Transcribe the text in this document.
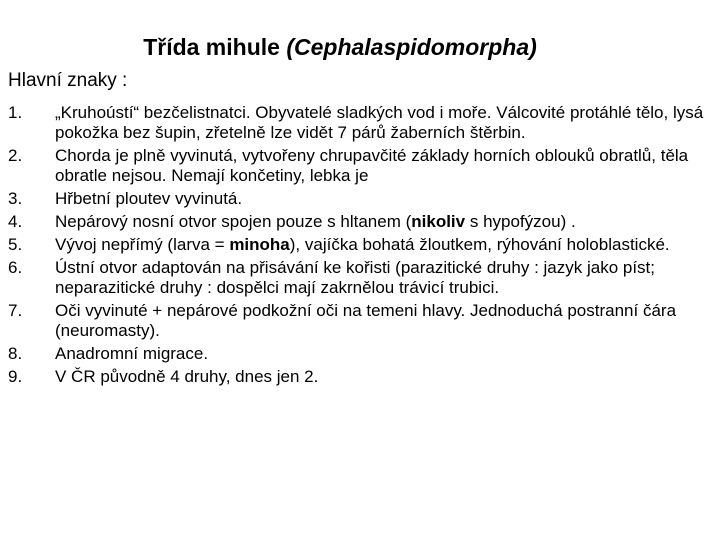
Třída mihule (Cephalaspidomorpha)

Hlavní znaky :

1.	„Kruhoústí“ bezčelistnatci. Obyvatelé sladkých vod i moře. Válcovité protáhlé tělo, lysá pokožka bez šupin, zřetelně lze vidět 7 párů žaberních štěrbin.
2.	Chorda je plně vyvinutá, vytvořeny chrupavčité základy horních oblouků obratlů, těla obratle nejsou. Nemají končetiny, lebka je
3.	Hřbetní ploutev vyvinutá.
4.	Nepárový nosní otvor spojen pouze s hltanem (nikoliv s hypofýzou) .
5.	Vývoj nepřímý (larva = minoha), vajíčka bohatá žloutkem, rýhování holoblastické.
6.	Ústní otvor adaptován na přisávání ke kořisti (parazitické druhy : jazyk jako píst; neparazitické druhy : dospělci mají zakrnělou trávicí trubici.
7.	Oči vyvinuté + nepárové podkožní oči na temeni hlavy. Jednoduchá postranní čára (neuromasty).
8.	Anadromní migrace.
9.	V ČR původně 4 druhy, dnes jen 2.
